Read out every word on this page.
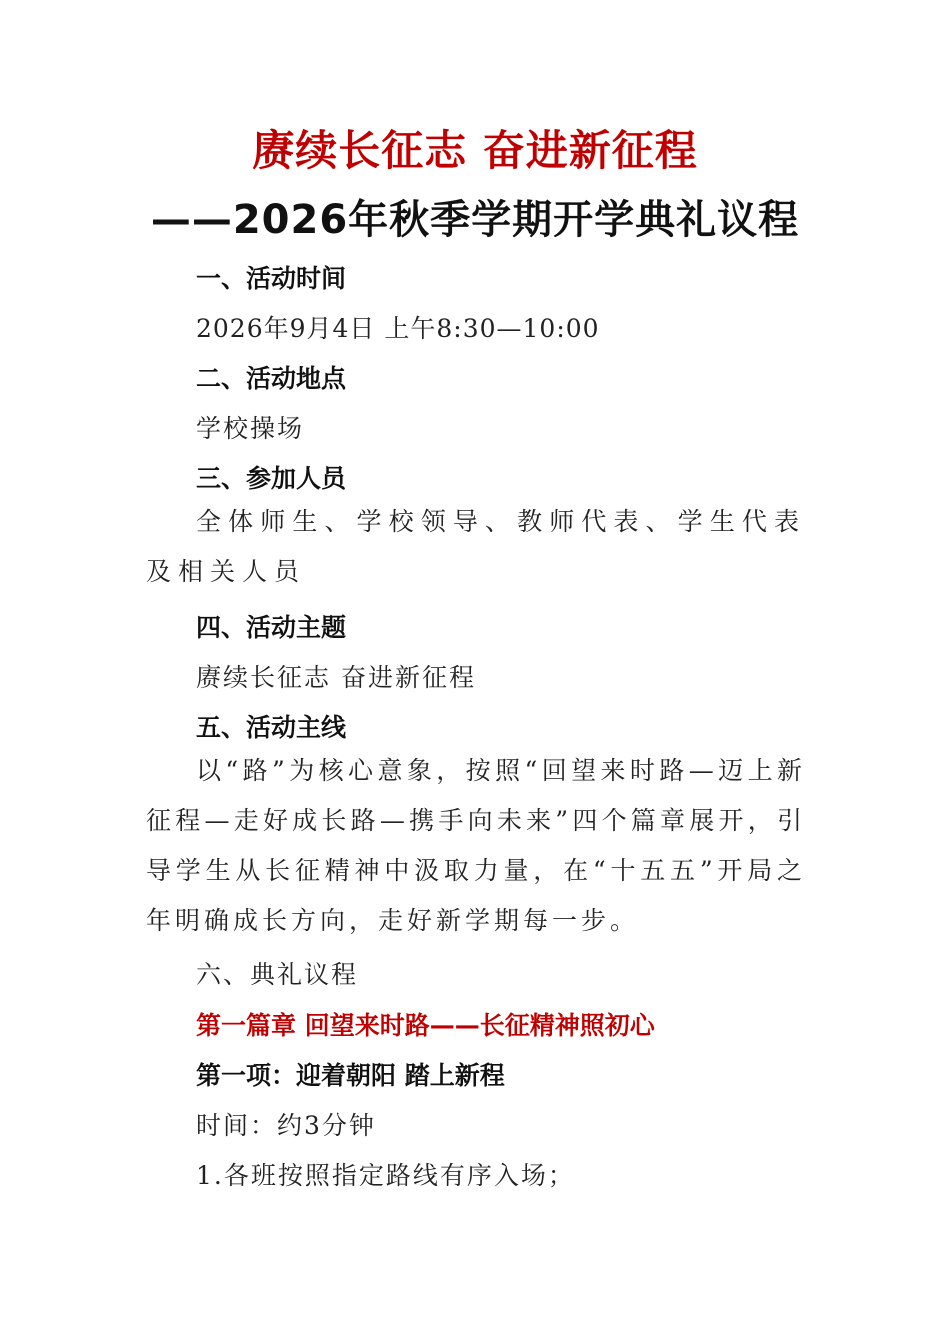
赓续长征志 奋进新征程
——2026年秋季学期开学典礼议程
一、活动时间
2026年9月4日 上午8:30—10:00
二、活动地点
学校操场
三、参加人员

全体师生、学校领导、教师代表、学生代表及相关人员

四、活动主题
赓续长征志 奋进新征程
五、活动主线

以“路”为核心意象，按照“回望来时路—迈上新征程—走好成长路—携手向未来”四个篇章展开，引导学生从长征精神中汲取力量，在“十五五”开局之年明确成长方向，走好新学期每一步。

六、典礼议程
第一篇章 回望来时路——长征精神照初心
第一项：迎着朝阳 踏上新程
时间：约3分钟
1.各班按照指定路线有序入场；
